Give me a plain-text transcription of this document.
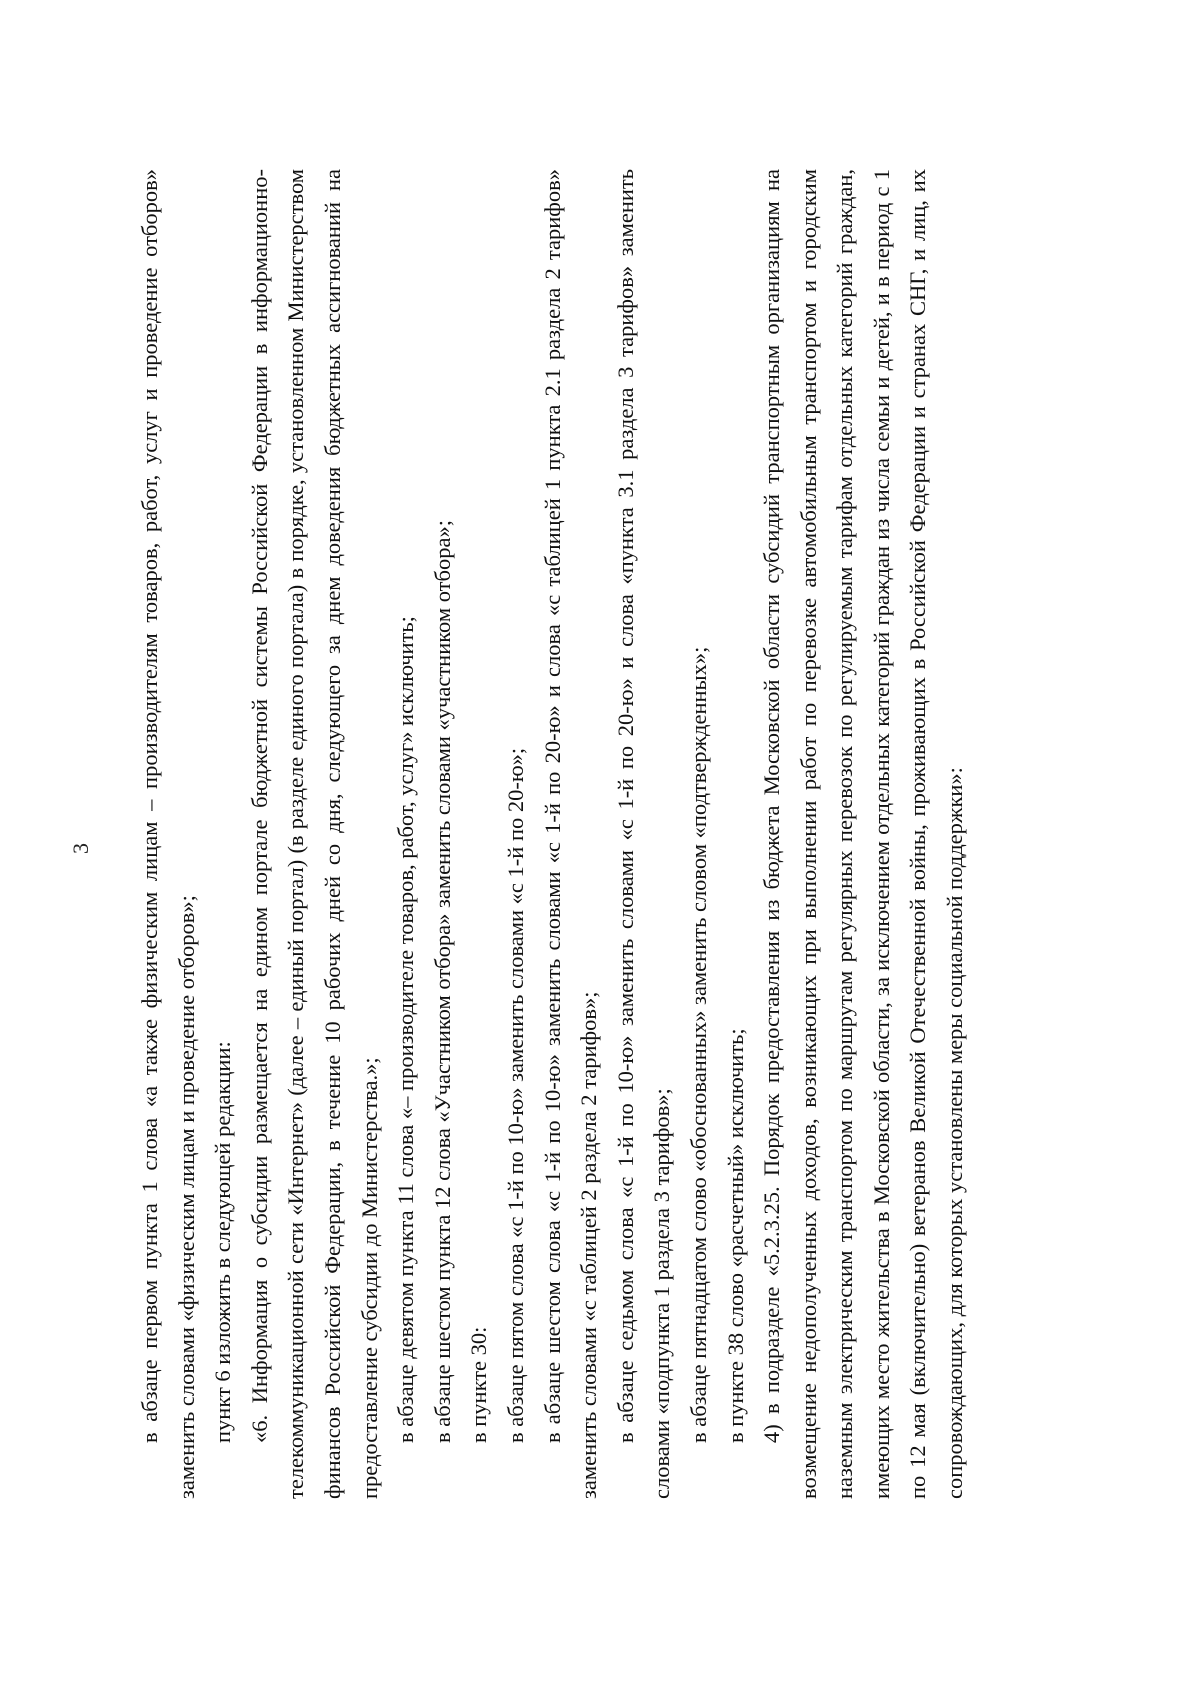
3 в абзаце первом пункта 1 слова «а также физическим лицам – производителям товаров, работ, услуг и проведение отборов» заменить словами «физическим лицам и проведение отборов»; пункт 6 изложить в следующей редакции: «6. Информация о субсидии размещается на едином портале бюджетной системы Российской Федерации в информационно-телекоммуникационной сети «Интернет» (далее – единый портал) (в разделе единого портала) в порядке, установленном Министерством финансов Российской Федерации, в течение 10 рабочих дней со дня, следующего за днем доведения бюджетных ассигнований на предоставление субсидии до Министерства.»; в абзаце девятом пункта 11 слова «– производителе товаров, работ, услуг» исключить; в абзаце шестом пункта 12 слова «Участником отбора» заменить словами «участником отбора»; в пункте 30: в абзаце пятом слова «с 1-й по 10-ю» заменить словами «с 1-й по 20-ю»; в абзаце шестом слова «с 1-й по 10-ю» заменить словами «с 1-й по 20-ю» и слова «с таблицей 1 пункта 2.1 раздела 2 тарифов» заменить словами «с таблицей 2 раздела 2 тарифов»; в абзаце седьмом слова «с 1-й по 10-ю» заменить словами «с 1-й по 20-ю» и слова «пункта 3.1 раздела 3 тарифов» заменить словами «подпункта 1 раздела 3 тарифов»; в абзаце пятнадцатом слово «обоснованных» заменить словом «подтвержденных»; в пункте 38 слово «расчетный» исключить; 4) в подразделе «5.2.3.25. Порядок предоставления из бюджета Московской области субсидий транспортным организациям на возмещение недополученных доходов, возникающих при выполнении работ по перевозке автомобильным транспортом и городским наземным электрическим транспортом по маршрутам регулярных перевозок по регулируемым тарифам отдельных категорий граждан, имеющих место жительства в Московской области, за исключением отдельных категорий граждан из числа семьи и детей, и в период с 1 по 12 мая (включительно) ветеранов Великой Отечественной войны, проживающих в Российской Федерации и странах СНГ, и лиц, их сопровождающих, для которых установлены меры социальной поддержки»:
